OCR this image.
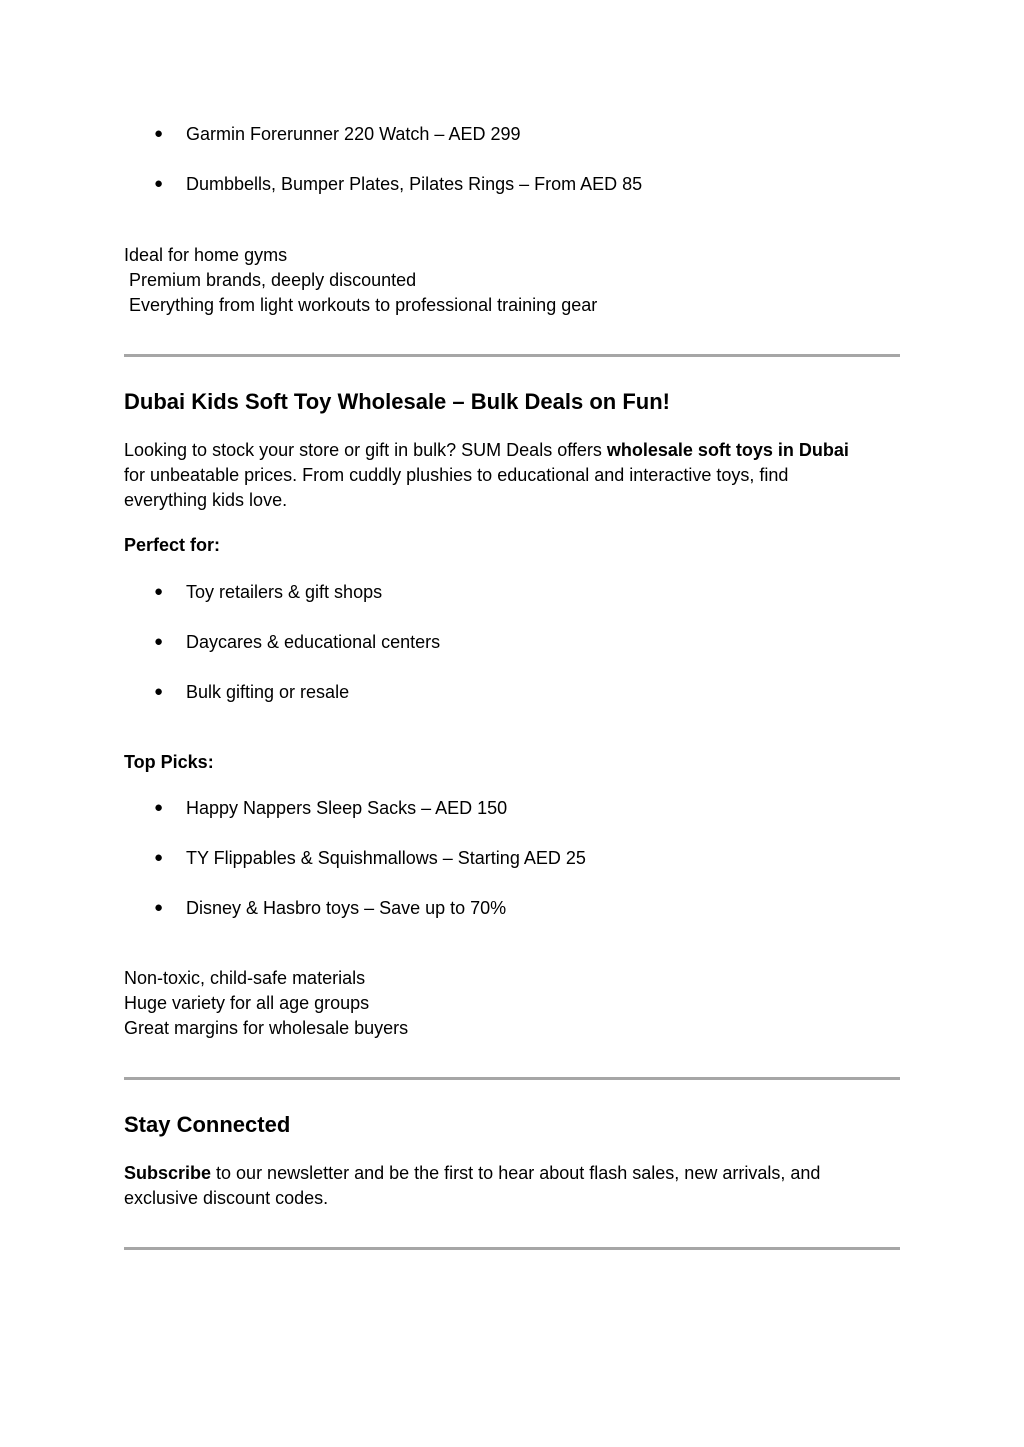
● Garmin Forerunner 220 Watch – AED 299
● Dumbbells, Bumper Plates, Pilates Rings – From AED 85
Ideal for home gyms
Premium brands, deeply discounted
Everything from light workouts to professional training gear
Dubai Kids Soft Toy Wholesale – Bulk Deals on Fun!
Looking to stock your store or gift in bulk? SUM Deals offers wholesale soft toys in Dubai
for unbeatable prices. From cuddly plushies to educational and interactive toys, find
everything kids love.
Perfect for:
● Toy retailers & gift shops
● Daycares & educational centers
● Bulk gifting or resale
Top Picks:
● Happy Nappers Sleep Sacks – AED 150
● TY Flippables & Squishmallows – Starting AED 25
● Disney & Hasbro toys – Save up to 70%
Non-toxic, child-safe materials
Huge variety for all age groups
Great margins for wholesale buyers
Stay Connected
Subscribe to our newsletter and be the first to hear about flash sales, new arrivals, and
exclusive discount codes.
